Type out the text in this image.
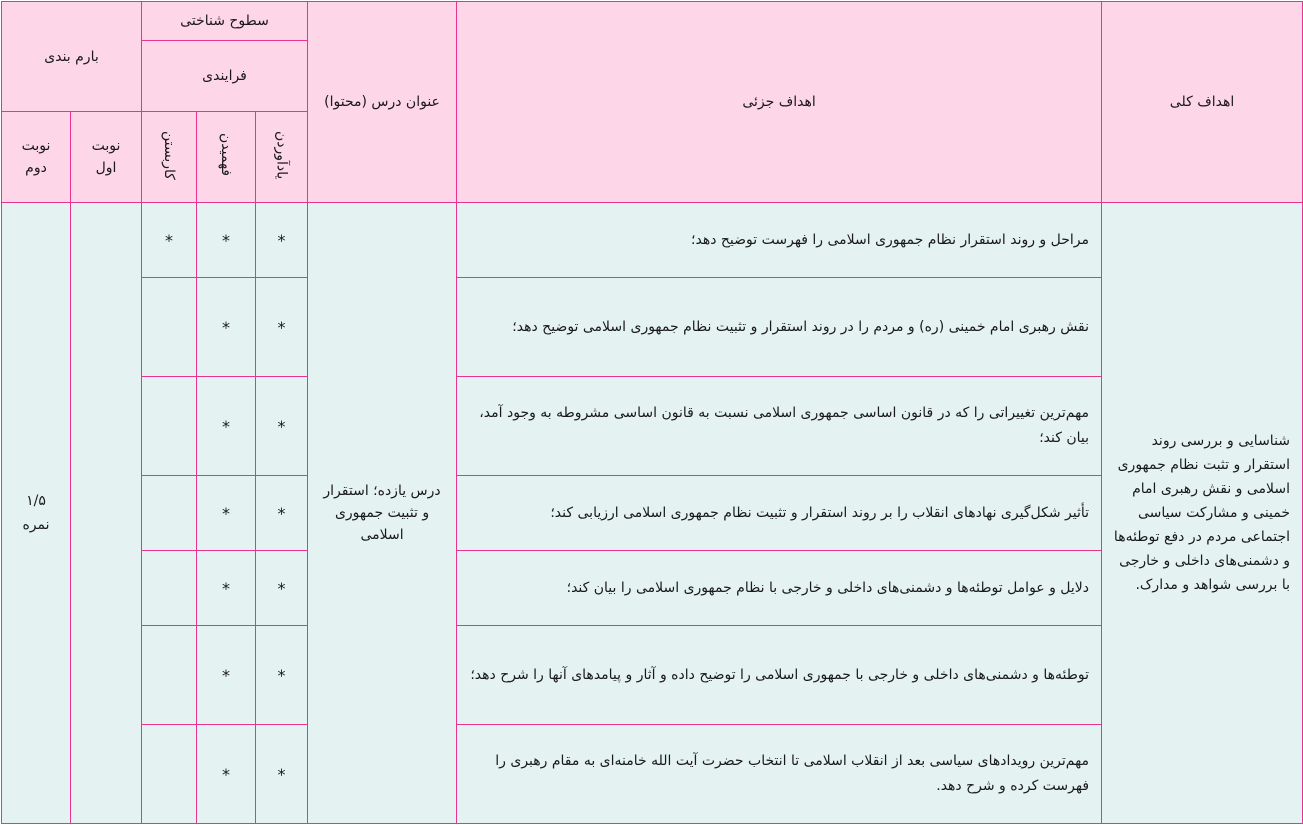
اهداف کلی	اهداف جزئی	عنوان درس (محتوا)	سطوح شناختی			بارم بندی	
			فرایندی				
			یادآوردن	فهمیدن	کاربستن	نوبت اول	نوبت دوم

شناسایی و بررسی روند استقرار و تثبت نظام جمهوری اسلامی و نقش رهبری امام خمینی و مشارکت سیاسی اجتماعی مردم در دفع توطئه‌ها و دشمنی‌های داخلی و خارجی با بررسی شواهد و مدارک.	مراحل و روند استقرار نظام جمهوری اسلامی را فهرست توضیح دهد؛	درس یازده؛ استقرار و تثبیت جمهوری اسلامی	*	*	*		۱/۵
نمره

	نقش رهبری امام خمینی (ره) و مردم را در روند استقرار و تثبیت نظام جمهوری اسلامی توضیح دهد؛		*	*			
	مهم‌ترین تغییراتی را که در قانون اساسی جمهوری اسلامی نسبت به قانون اساسی مشروطه به وجود آمد، بیان کند؛		*	*			
	تأثیر شکل‌گیری نهادهای انقلاب را بر روند استقرار و تثبیت نظام جمهوری اسلامی ارزیابی کند؛		*	*			
	دلایل و عوامل توطئه‌ها و دشمنی‌های داخلی و خارجی با نظام جمهوری اسلامی را بیان کند؛		*	*			
	توطئه‌ها و دشمنی‌های داخلی و خارجی با جمهوری اسلامی را توضیح داده و آثار و پیامدهای آنها را شرح دهد؛		*	*			
	مهم‌ترین رویدادهای سیاسی بعد از انقلاب اسلامی تا انتخاب حضرت آیت الله خامنه‌ای به مقام رهبری را فهرست کرده و شرح دهد.		*	*			
